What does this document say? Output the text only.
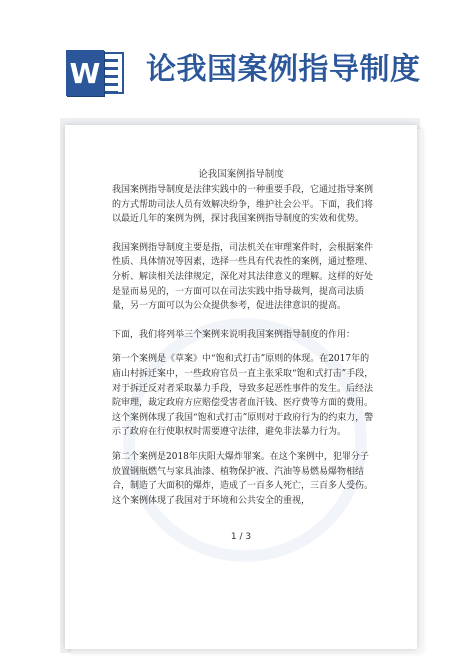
W 论我国案例指导制度
论我国案例指导制度

我国案例指导制度是法律实践中的一种重要手段，它通过指导案例的方式帮助司法人员有效解决纷争，维护社会公平。下面，我们将以最近几年的案例为例，探讨我国案例指导制度的实效和优势。

我国案例指导制度主要是指，司法机关在审理案件时，会根据案件性质、具体情况等因素，选择一些具有代表性的案例，通过整理、分析、解读相关法律规定，深化对其法律意义的理解。这样的好处是显而易见的，一方面可以在司法实践中指导裁判，提高司法质量，另一方面可以为公众提供参考，促进法律意识的提高。

下面，我们将列举三个案例来说明我国案例指导制度的作用：

第一个案例是《草案》中“饱和式打击”原则的体现。在2017年的庙山村拆迁案中，一些政府官员一直主张采取“饱和式打击”手段，对于拆迁反对者采取暴力手段，导致多起恶性事件的发生。后经法院审理，裁定政府方应赔偿受害者血汗钱、医疗费等方面的费用。这个案例体现了我国“饱和式打击”原则对于政府行为的约束力，警示了政府在行使职权时需要遵守法律，避免非法暴力行为。

第二个案例是2018年庆阳大爆炸罪案。在这个案例中，犯罪分子放置钢瓶燃气与家具油漆、植物保护液、汽油等易燃易爆物相结合，制造了大面积的爆炸，造成了一百多人死亡，三百多人受伤。这个案例体现了我国对于环境和公共安全的重视，

1 / 3
